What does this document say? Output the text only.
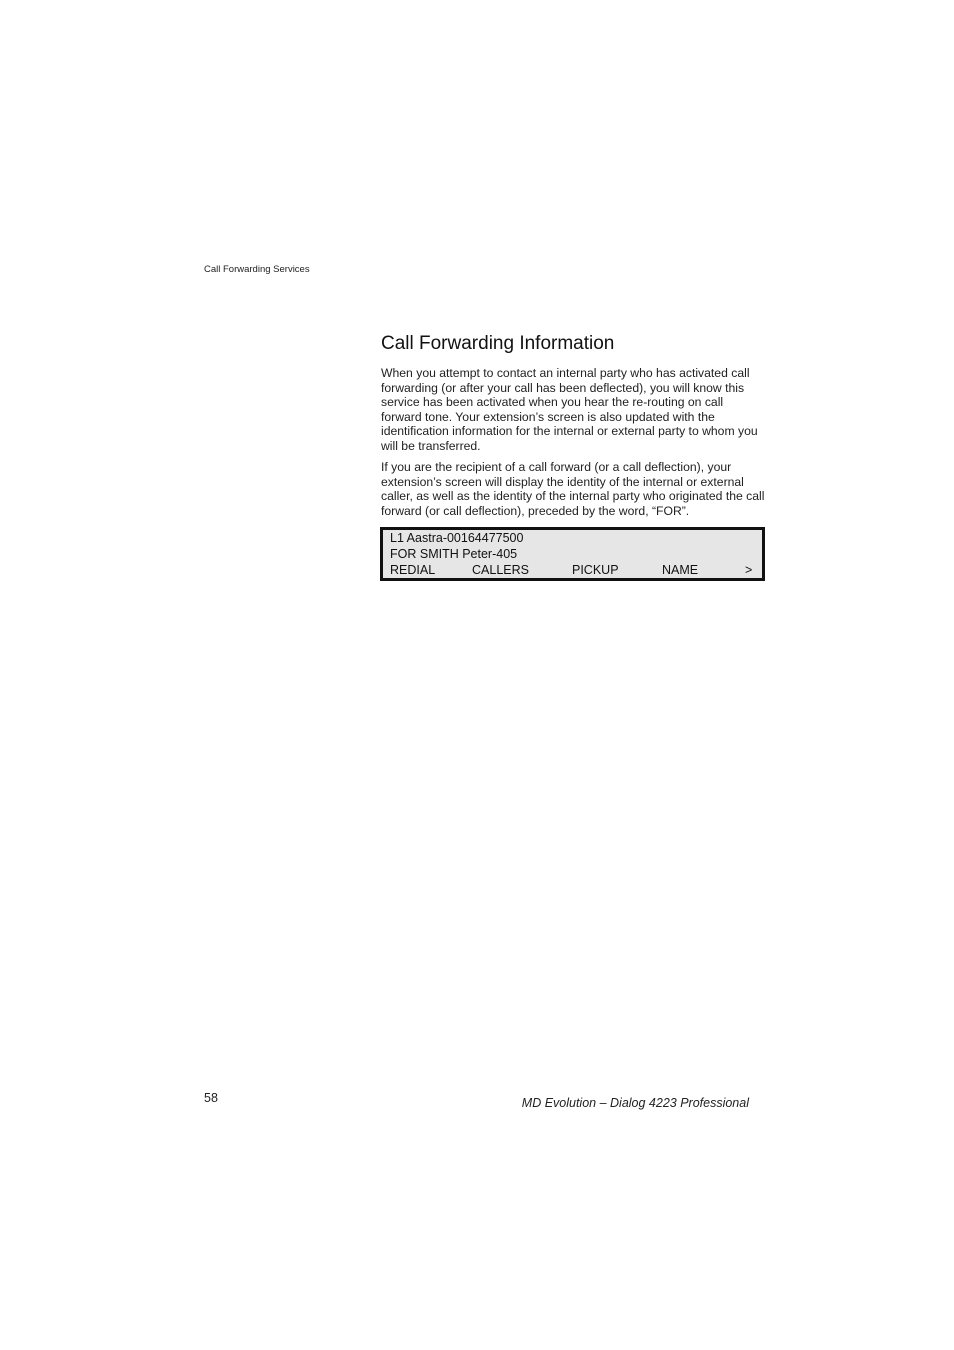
Call Forwarding Services
Call Forwarding Information

When you attempt to contact an internal party who has activated call forwarding (or after your call has been deflected), you will know this service has been activated when you hear the re-routing on call forward tone. Your extension’s screen is also updated with the identification information for the internal or external party to whom you will be transferred.

If you are the recipient of a call forward (or a call deflection), your extension’s screen will display the identity of the internal or external caller, as well as the identity of the internal party who originated the call forward (or call deflection), preceded by the word, “FOR”.

L1 Aastra-00164477500
FOR SMITH Peter-405
REDIAL	CALLERS	PICKUP	NAME	>
58	MD Evolution – Dialog 4223 Professional
